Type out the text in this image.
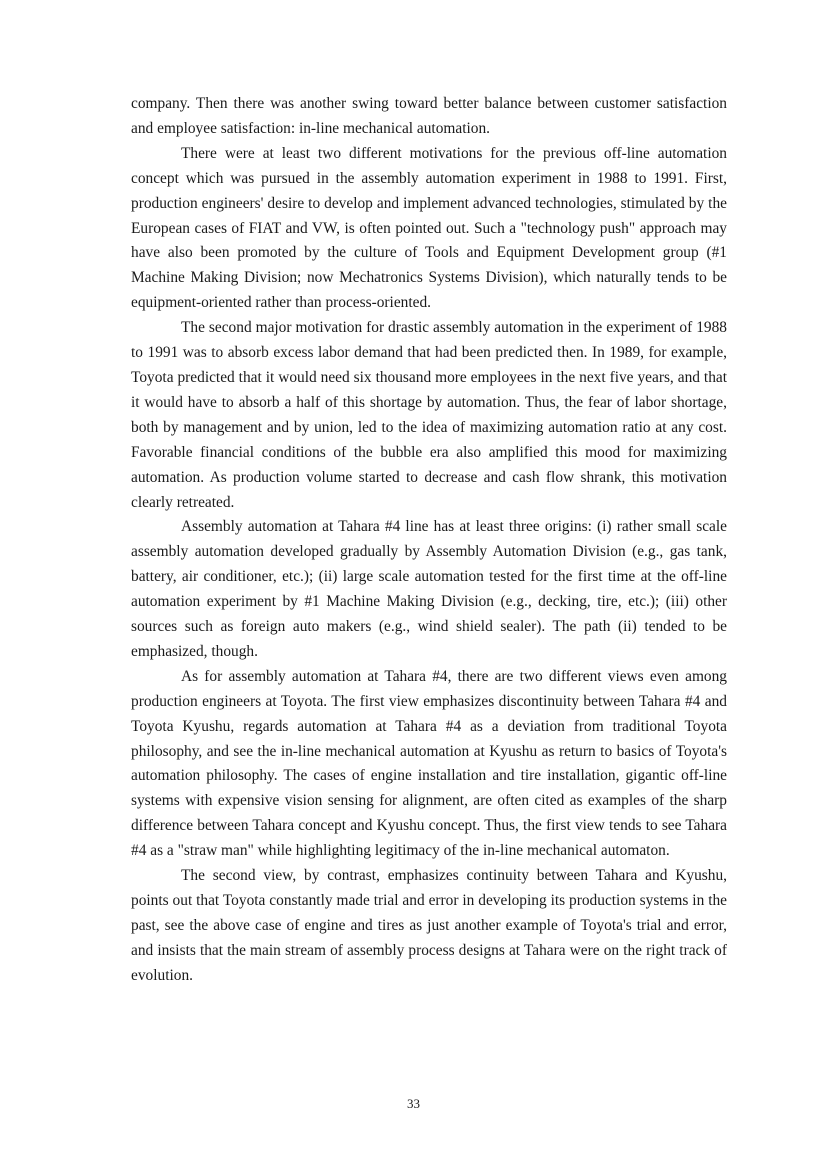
company. Then there was another swing toward better balance between customer satisfaction and employee satisfaction: in-line mechanical automation.

There were at least two different motivations for the previous off-line automation concept which was pursued in the assembly automation experiment in 1988 to 1991. First, production engineers' desire to develop and implement advanced technologies, stimulated by the European cases of FIAT and VW, is often pointed out. Such a "technology push" approach may have also been promoted by the culture of Tools and Equipment Development group (#1 Machine Making Division; now Mechatronics Systems Division), which naturally tends to be equipment-oriented rather than process-oriented.

The second major motivation for drastic assembly automation in the experiment of 1988 to 1991 was to absorb excess labor demand that had been predicted then. In 1989, for example, Toyota predicted that it would need six thousand more employees in the next five years, and that it would have to absorb a half of this shortage by automation. Thus, the fear of labor shortage, both by management and by union, led to the idea of maximizing automation ratio at any cost. Favorable financial conditions of the bubble era also amplified this mood for maximizing automation. As production volume started to decrease and cash flow shrank, this motivation clearly retreated.

Assembly automation at Tahara #4 line has at least three origins: (i) rather small scale assembly automation developed gradually by Assembly Automation Division (e.g., gas tank, battery, air conditioner, etc.); (ii) large scale automation tested for the first time at the off-line automation experiment by #1 Machine Making Division (e.g., decking, tire, etc.); (iii) other sources such as foreign auto makers (e.g., wind shield sealer). The path (ii) tended to be emphasized, though.

As for assembly automation at Tahara #4, there are two different views even among production engineers at Toyota. The first view emphasizes discontinuity between Tahara #4 and Toyota Kyushu, regards automation at Tahara #4 as a deviation from traditional Toyota philosophy, and see the in-line mechanical automation at Kyushu as return to basics of Toyota's automation philosophy. The cases of engine installation and tire installation, gigantic off-line systems with expensive vision sensing for alignment, are often cited as examples of the sharp difference between Tahara concept and Kyushu concept. Thus, the first view tends to see Tahara #4 as a "straw man" while highlighting legitimacy of the in-line mechanical automaton.

The second view, by contrast, emphasizes continuity between Tahara and Kyushu, points out that Toyota constantly made trial and error in developing its production systems in the past, see the above case of engine and tires as just another example of Toyota's trial and error, and insists that the main stream of assembly process designs at Tahara were on the right track of evolution.

33
